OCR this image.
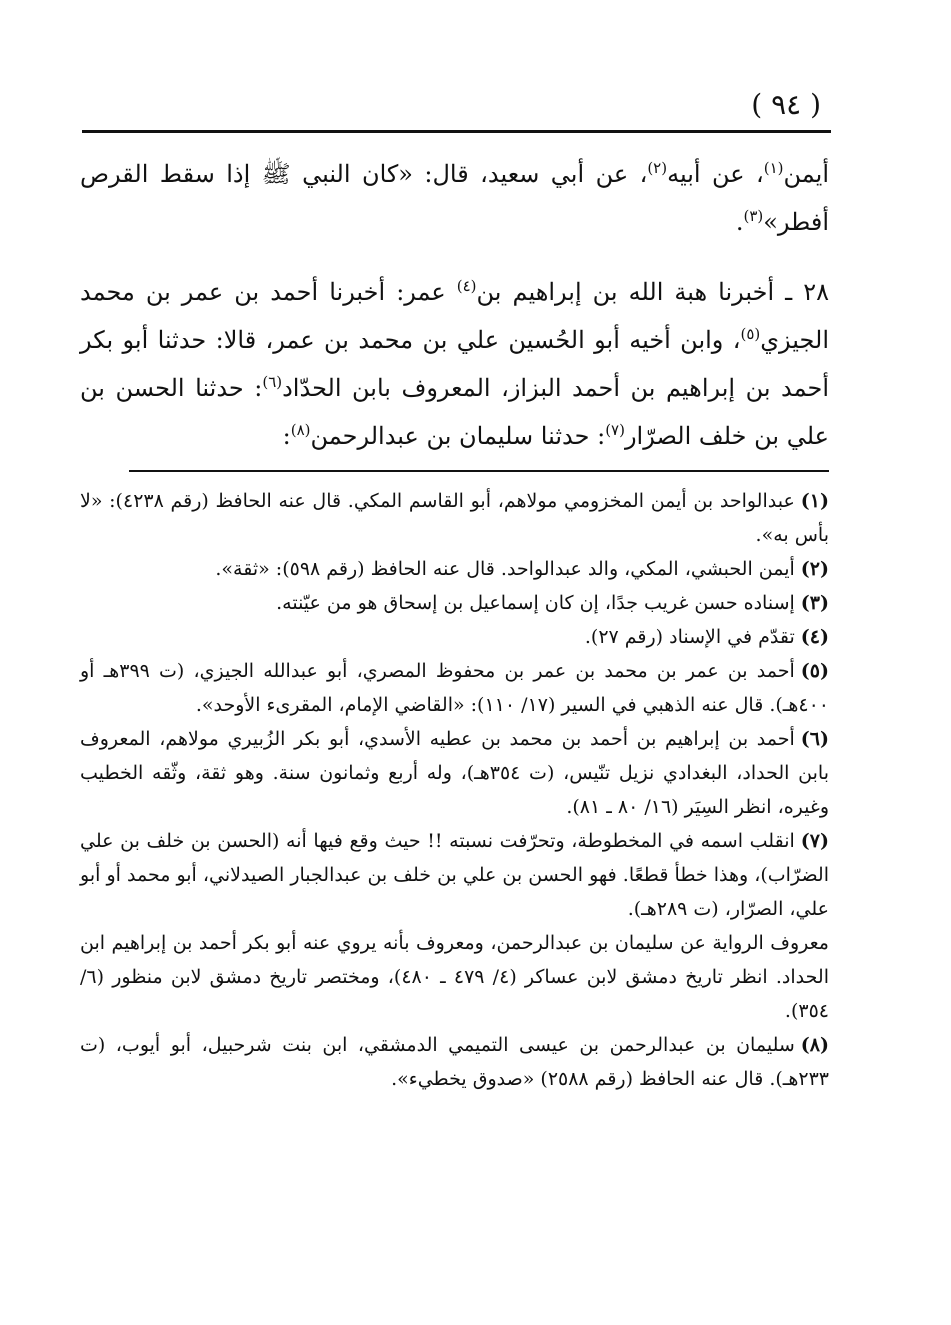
( ٩٤ )

أيمن$^{(١)}$، عن أبيه$^{(٢)}$، عن أبي سعيد، قال: «كان النبي ﷺ إذا سقط القرص أفطر»$^{(٣)}$.

٢٨ ـ أخبرنا هبة الله بن إبراهيم بن$^{(٤)}$ عمر: أخبرنا أحمد بن عمر بن محمد الجيزي$^{(٥)}$، وابن أخيه أبو الحُسين علي بن محمد بن عمر، قالا: حدثنا أبو بكر أحمد بن إبراهيم بن أحمد البزاز، المعروف بابن الحدّاد$^{(٦)}$: حدثنا الحسن بن علي بن خلف الصرّار$^{(٧)}$: حدثنا سليمان بن عبدالرحمن$^{(٨)}$:

(١)عبدالواحد بن أيمن المخزومي مولاهم، أبو القاسم المكي. قال عنه الحافظ (رقم ٤٢٣٨): «لا بأس به».

(٢)أيمن الحبشي، المكي، والد عبدالواحد. قال عنه الحافظ (رقم ٥٩٨): «ثقة».

(٣)إسناده حسن غريب جدًا، إن كان إسماعيل بن إسحاق هو من عيّنته.

(٤)تقدّم في الإسناد (رقم ٢٧).

(٥)أحمد بن عمر بن محمد بن عمر بن محفوظ المصري، أبو عبدالله الجيزي، (ت ٣٩٩هـ أو ٤٠٠هـ). قال عنه الذهبي في السير (١٧/ ١١٠): «القاضي الإمام، المقرىء الأوحد».

(٦)أحمد بن إبراهيم بن أحمد بن محمد بن عطيه الأسدي، أبو بكر الزُبيري مولاهم، المعروف بابن الحداد، البغدادي نزيل تنّيس، (ت ٣٥٤هـ)، وله أربع وثمانون سنة. وهو ثقة، وثّقه الخطيب وغيره، انظر السِيَر (١٦/ ٨٠ ـ ٨١).

(٧)انقلب اسمه في المخطوطة، وتحرّفت نسبته !! حيث وقع فيها أنه (الحسن بن خلف بن علي الضرّاب)، وهذا خطأ قطعًا. فهو الحسن بن علي بن خلف بن عبدالجبار الصيدلاني، أبو محمد أو أبو علي، الصرّار، (ت ٢٨٩هـ).

معروف الرواية عن سليمان بن عبدالرحمن، ومعروف بأنه يروي عنه أبو بكر أحمد بن إبراهيم ابن الحداد. انظر تاريخ دمشق لابن عساكر (٤/ ٤٧٩ ـ ٤٨٠)، ومختصر تاريخ دمشق لابن منظور (٦/ ٣٥٤).

(٨)سليمان بن عبدالرحمن بن عيسى التميمي الدمشقي، ابن بنت شرحبيل، أبو أيوب، (ت ٢٣٣هـ). قال عنه الحافظ (رقم ٢٥٨٨) «صدوق يخطيء».
